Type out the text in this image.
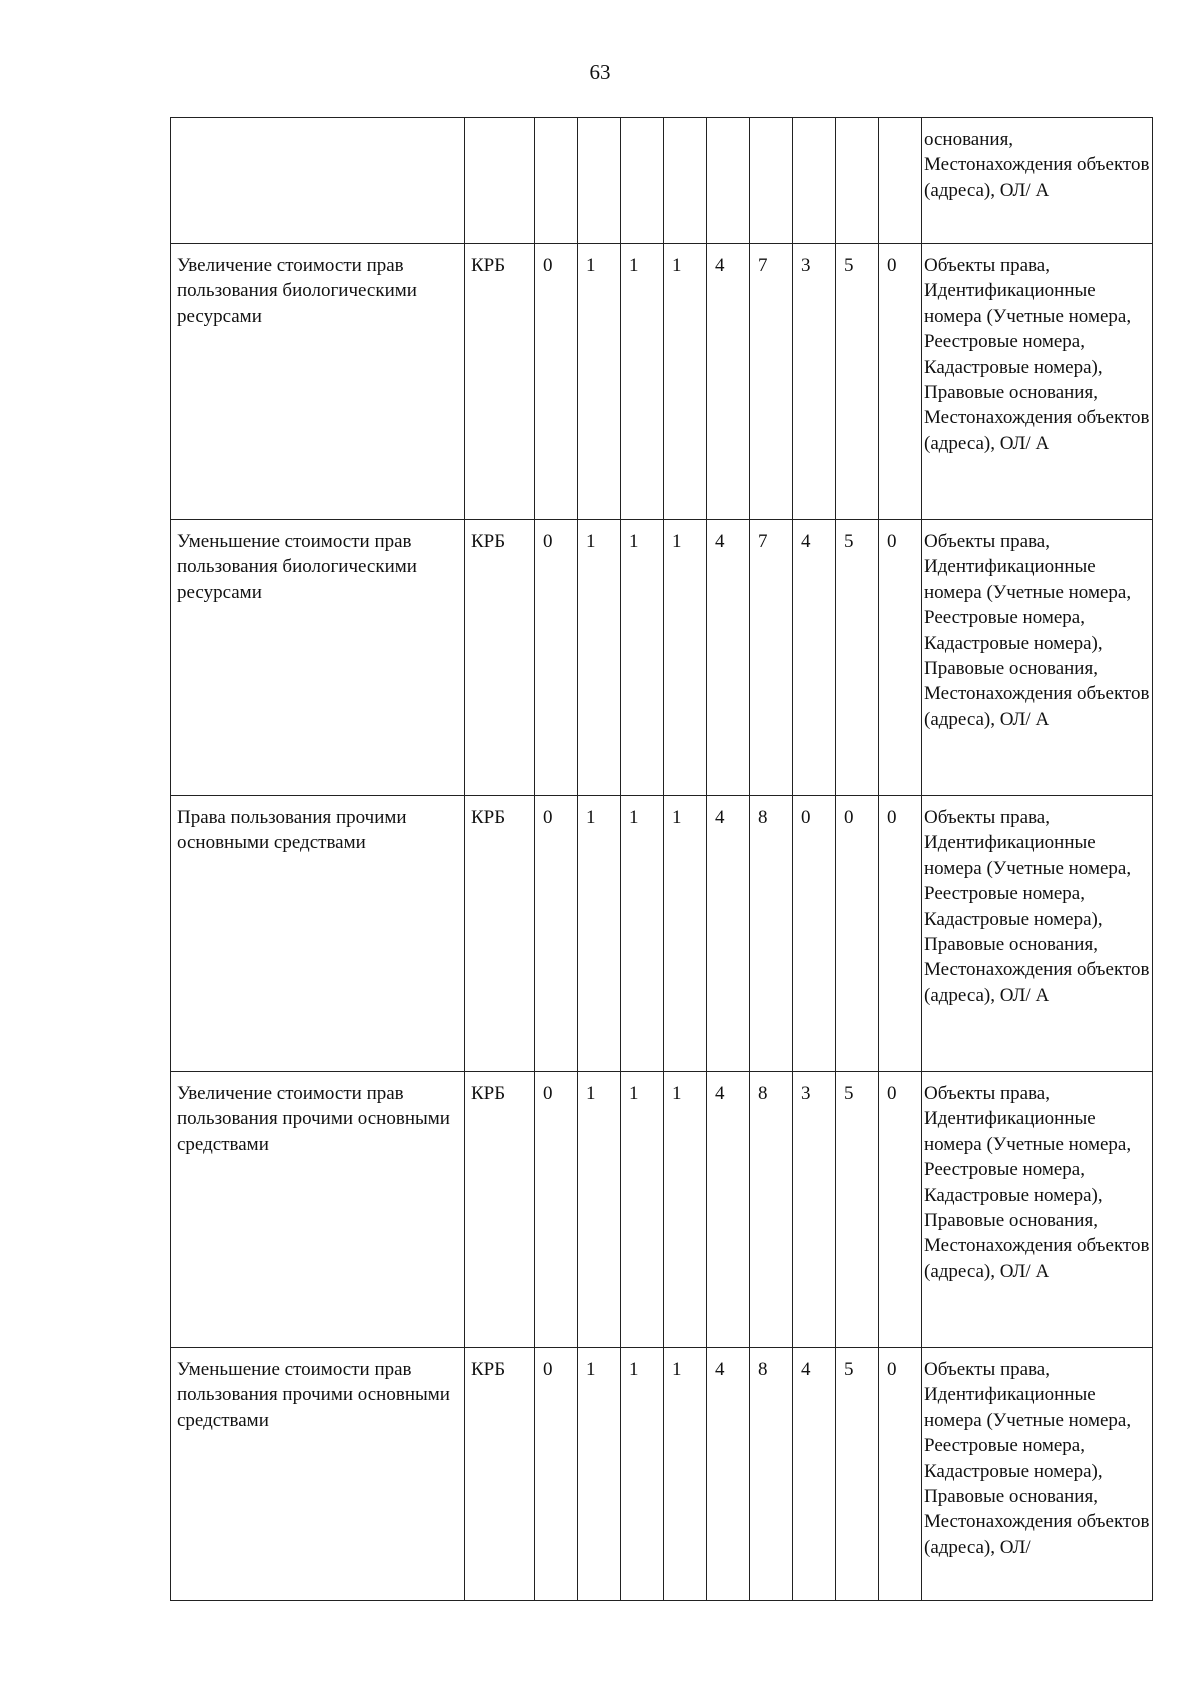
63
											основания, Местонахождения объектов (адреса), ОЛ/ А
Увеличение стоимости прав пользования биологическими ресурсами	КРБ	0	1	1	1	4	7	3	5	0	Объекты права, Идентификационные номера (Учетные номера, Реестровые номера, Кадастровые номера), Правовые основания, Местонахождения объектов (адреса), ОЛ/ А
Уменьшение стоимости прав пользования биологическими ресурсами	КРБ	0	1	1	1	4	7	4	5	0	Объекты права, Идентификационные номера (Учетные номера, Реестровые номера, Кадастровые номера), Правовые основания, Местонахождения объектов (адреса), ОЛ/ А
Права пользования прочими основными средствами	КРБ	0	1	1	1	4	8	0	0	0	Объекты права, Идентификационные номера (Учетные номера, Реестровые номера, Кадастровые номера), Правовые основания, Местонахождения объектов (адреса), ОЛ/ А
Увеличение стоимости прав пользования прочими основными средствами	КРБ	0	1	1	1	4	8	3	5	0	Объекты права, Идентификационные номера (Учетные номера, Реестровые номера, Кадастровые номера), Правовые основания, Местонахождения объектов (адреса), ОЛ/ А
Уменьшение стоимости прав пользования прочими основными средствами	КРБ	0	1	1	1	4	8	4	5	0	Объекты права, Идентификационные номера (Учетные номера, Реестровые номера, Кадастровые номера), Правовые основания, Местонахождения объектов (адреса), ОЛ/
